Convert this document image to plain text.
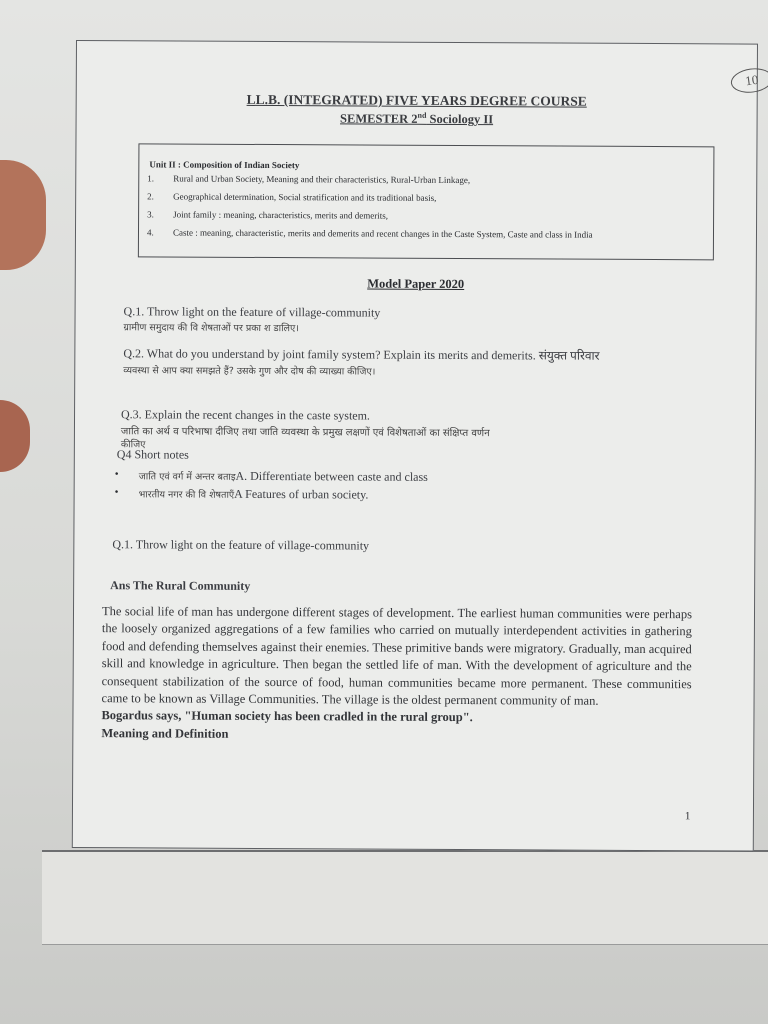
10
LL.B. (INTEGRATED) FIVE YEARS DEGREE COURSE
SEMESTER 2nd Sociology II
Unit II : Composition of Indian Society
1. Rural and Urban Society, Meaning and their characteristics, Rural-Urban Linkage,
2. Geographical determination, Social stratification and its traditional basis,
3. Joint family : meaning, characteristics, merits and demerits,
4. Caste : meaning, characteristic, merits and demerits and recent changes in the Caste System, Caste and class in India
Model Paper 2020
Q.1. Throw light on the feature of village-community
ग्रामीण समुदाय की वि शेषताओं पर प्रका श डालिए।
Q.2. What do you understand by joint family system? Explain its merits and demerits. संयुक्त परिवार
व्यवस्था से आप क्या समझते हैं? उसके गुण और दोष की व्याख्या कीजिए।
Q.3. Explain the recent changes in the caste system.
जाति का अर्थ व परिभाषा दीजिए तथा जाति व्यवस्था के प्रमुख लक्षणों एवं विशेषताओं का संक्षिप्त वर्णन
कीजिए
Q4 Short notes
• जाति एवं वर्ग में अन्तर बताइA. Differentiate between caste and class
• भारतीय नगर की वि शेषताएँA Features of urban society.
Q.1. Throw light on the feature of village-community
Ans The Rural Community
The social life of man has undergone different stages of development. The earliest human communities were perhaps the loosely organized aggregations of a few families who carried on mutually interdependent activities in gathering food and defending themselves against their enemies. These primitive bands were migratory. Gradually, man acquired skill and knowledge in agriculture. Then began the settled life of man. With the development of agriculture and the consequent stabilization of the source of food, human communities became more permanent. These communities came to be known as Village Communities. The village is the oldest permanent community of man.
Bogardus says, "Human society has been cradled in the rural group".
Meaning and Definition
1
